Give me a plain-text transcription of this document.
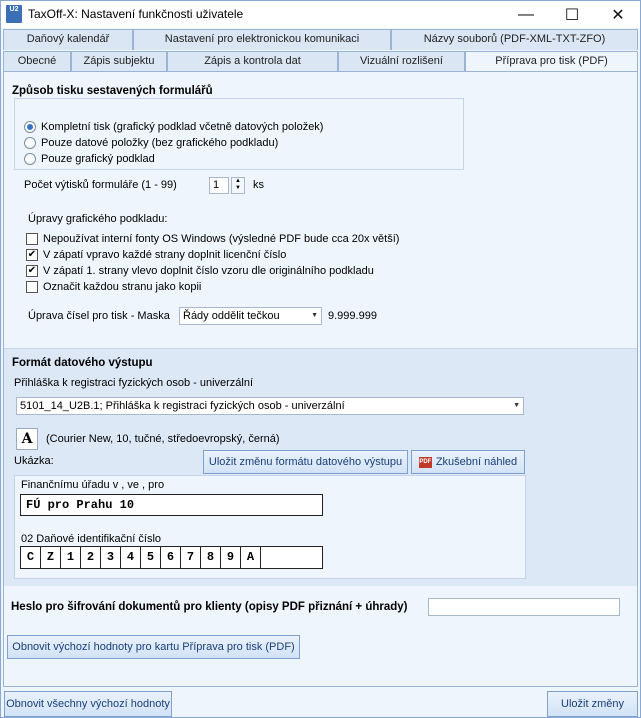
U2 TaxOff-X: Nastavení funkčnosti uživatele	—	☐	✕
Daňový kalendář	Nastavení pro elektronickou komunikaci	Názvy souborů (PDF-XML-TXT-ZFO)
Obecné	Zápis subjektu	Zápis a kontrola dat	Vizuální rozlišení	Příprava pro tisk (PDF)
Způsob tisku sestavených formulářů
Kompletní tisk (grafický podklad včetně datových položek)
Pouze datové položky (bez grafického podkladu)
Pouze grafický podklad
Počet výtisků formuláře (1 - 99)	1	▲
▼	ks
Úpravy grafického podkladu:
Nepoužívat interní fonty OS Windows (výsledné PDF bude cca 20x větší)
✔ V zápatí vpravo každé strany doplnit licenční číslo
✔ V zápatí 1. strany vlevo doplnit číslo vzoru dle originálního podkladu
Označit každou stranu jako kopii
Úprava čísel pro tisk - Maska	Řády oddělit tečkou	▼ 9.999.999
Formát datového výstupu
Přihláška k registraci fyzických osob - univerzální
5101_14_U2B.1; Přihláška k registraci fyzických osob - univerzální	▼
A	(Courier New, 10, tučné, středoevropský, černá)
Ukázka:	Uložit změnu formátu datového výstupu	PDF Zkušební náhled
Finančnímu úřadu v , ve , pro
FÚ pro Prahu 10
02 Daňové identifikační číslo
C	Z	1	2	3	4	5	6	7	8	9	A
Heslo pro šifrování dokumentů pro klienty (opisy PDF přiznání + úhrady)
Obnovit výchozí hodnoty pro kartu Příprava pro tisk (PDF)
Obnovit všechny výchozí hodnoty	Uložit změny
